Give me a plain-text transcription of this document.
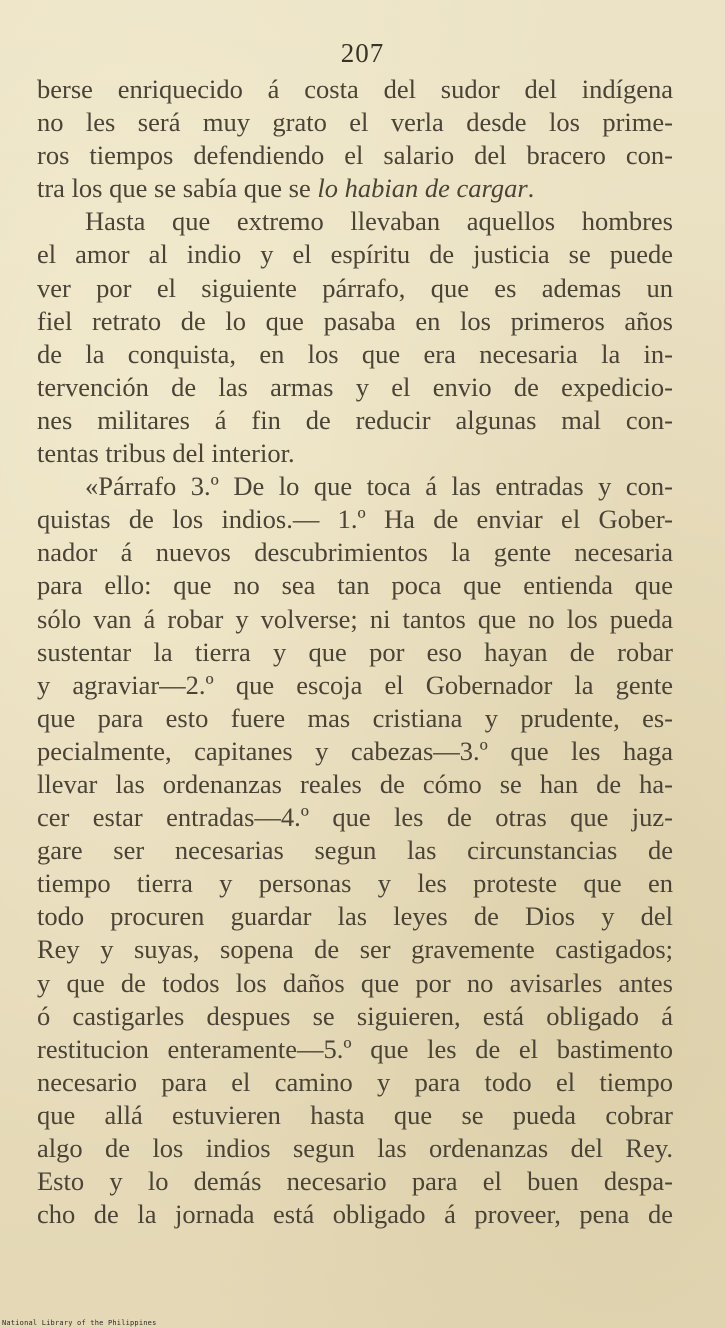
207
berse enriquecido á costa del sudor del indígena
no les será muy grato el verla desde los prime-
ros tiempos defendiendo el salario del bracero con-
tra los que se sabía que se lo habian de cargar.
Hasta que extremo llevaban aquellos hombres
el amor al indio y el espíritu de justicia se puede
ver por el siguiente párrafo, que es ademas un
fiel retrato de lo que pasaba en los primeros años
de la conquista, en los que era necesaria la in-
tervención de las armas y el envio de expedicio-
nes militares á fin de reducir algunas mal con-
tentas tribus del interior.
«Párrafo 3.º De lo que toca á las entradas y con-
quistas de los indios.— 1.º Ha de enviar el Gober-
nador á nuevos descubrimientos la gente necesaria
para ello: que no sea tan poca que entienda que
sólo van á robar y volverse; ni tantos que no los pueda
sustentar la tierra y que por eso hayan de robar
y agraviar—2.º que escoja el Gobernador la gente
que para esto fuere mas cristiana y prudente, es-
pecialmente, capitanes y cabezas—3.º que les haga
llevar las ordenanzas reales de cómo se han de ha-
cer estar entradas—4.º que les de otras que juz-
gare ser necesarias segun las circunstancias de
tiempo tierra y personas y les proteste que en
todo procuren guardar las leyes de Dios y del
Rey y suyas, sopena de ser gravemente castigados;
y que de todos los daños que por no avisarles antes
ó castigarles despues se siguieren, está obligado á
restitucion enteramente—5.º que les de el bastimento
necesario para el camino y para todo el tiempo
que allá estuvieren hasta que se pueda cobrar
algo de los indios segun las ordenanzas del Rey.
Esto y lo demás necesario para el buen despa-
cho de la jornada está obligado á proveer, pena de
National Library of the Philippines
